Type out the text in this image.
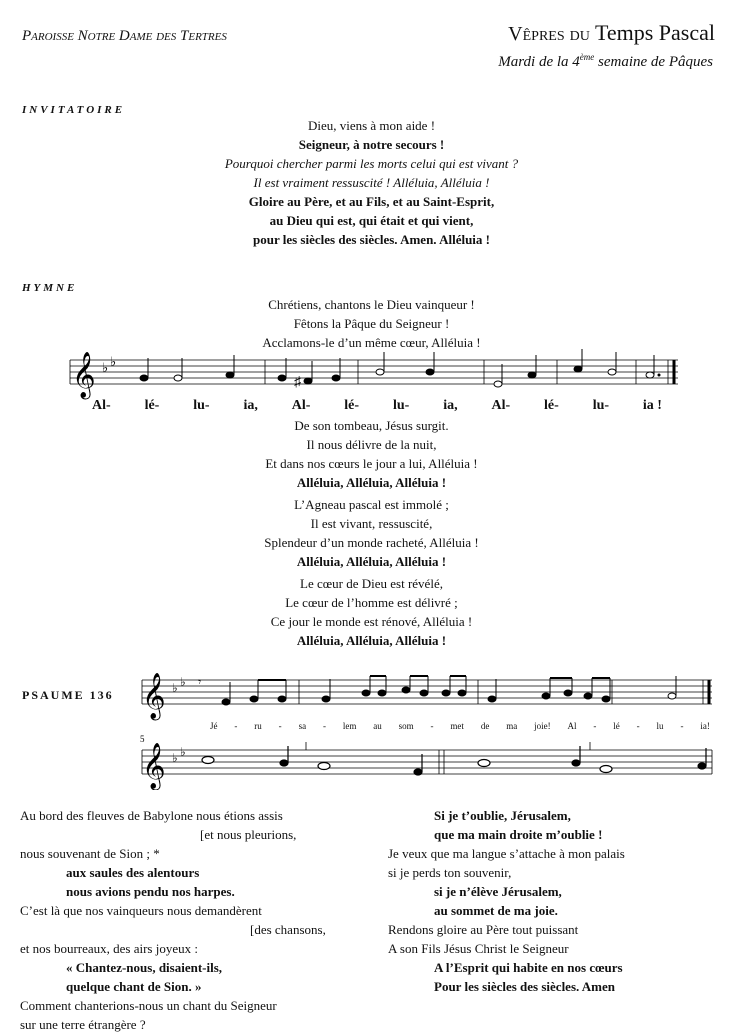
Paroisse Notre Dame des Tertres	Vêpres du Temps Pascal
Mardi de la 4ème semaine de Pâques
INVITATOIRE
Dieu, viens à mon aide !
Seigneur, à notre secours !
Pourquoi chercher parmi les morts celui qui est vivant ?
Il est vraiment ressuscité ! Alléluia, Alléluia !
Gloire au Père, et au Fils, et au Saint-Esprit,
au Dieu qui est, qui était et qui vient,
pour les siècles des siècles. Amen. Alléluia !
HYMNE
Chrétiens, chantons le Dieu vainqueur !
Fêtons la Pâque du Seigneur !
Acclamons-le d’un même cœur, Alléluia !
𝄞 ♭ ♭
♯
Al- lé- lu- ia, Al- lé- lu- ia, Al- lé- lu- ia !
De son tombeau, Jésus surgit.
Il nous délivre de la nuit,
Et dans nos cœurs le jour a lui, Alléluia !
Alléluia, Alléluia, Alléluia !
L’Agneau pascal est immolé ;
Il est vivant, ressuscité,
Splendeur d’un monde racheté, Alléluia !
Alléluia, Alléluia, Alléluia !
Le cœur de Dieu est révélé,
Le cœur de l’homme est délivré ;
Ce jour le monde est rénové, Alléluia !
Alléluia, Alléluia, Alléluia !
PSAUME 136 𝄞 ♭ ♭ 𝄾
Jé - ru - sa - lem au som - met de ma joie! Al - lé - lu - ia!
5
𝄞 ♭ ♭
Au bord des fleuves de Babylone nous étions assis
[et nous pleurions,
nous souvenant de Sion ; *
aux saules des alentours
nous avions pendu nos harpes.
C’est là que nos vainqueurs nous demandèrent
[des chansons,
et nos bourreaux, des airs joyeux :
« Chantez-nous, disaient-ils,
quelque chant de Sion. »
Comment chanterions-nous un chant du Seigneur
sur une terre étrangère ?
Si je t’oublie, Jérusalem,
que ma main droite m’oublie !
Je veux que ma langue s’attache à mon palais
si je perds ton souvenir,
si je n’élève Jérusalem,
au sommet de ma joie.
Rendons gloire au Père tout puissant
A son Fils Jésus Christ le Seigneur
A l’Esprit qui habite en nos cœurs
Pour les siècles des siècles. Amen
